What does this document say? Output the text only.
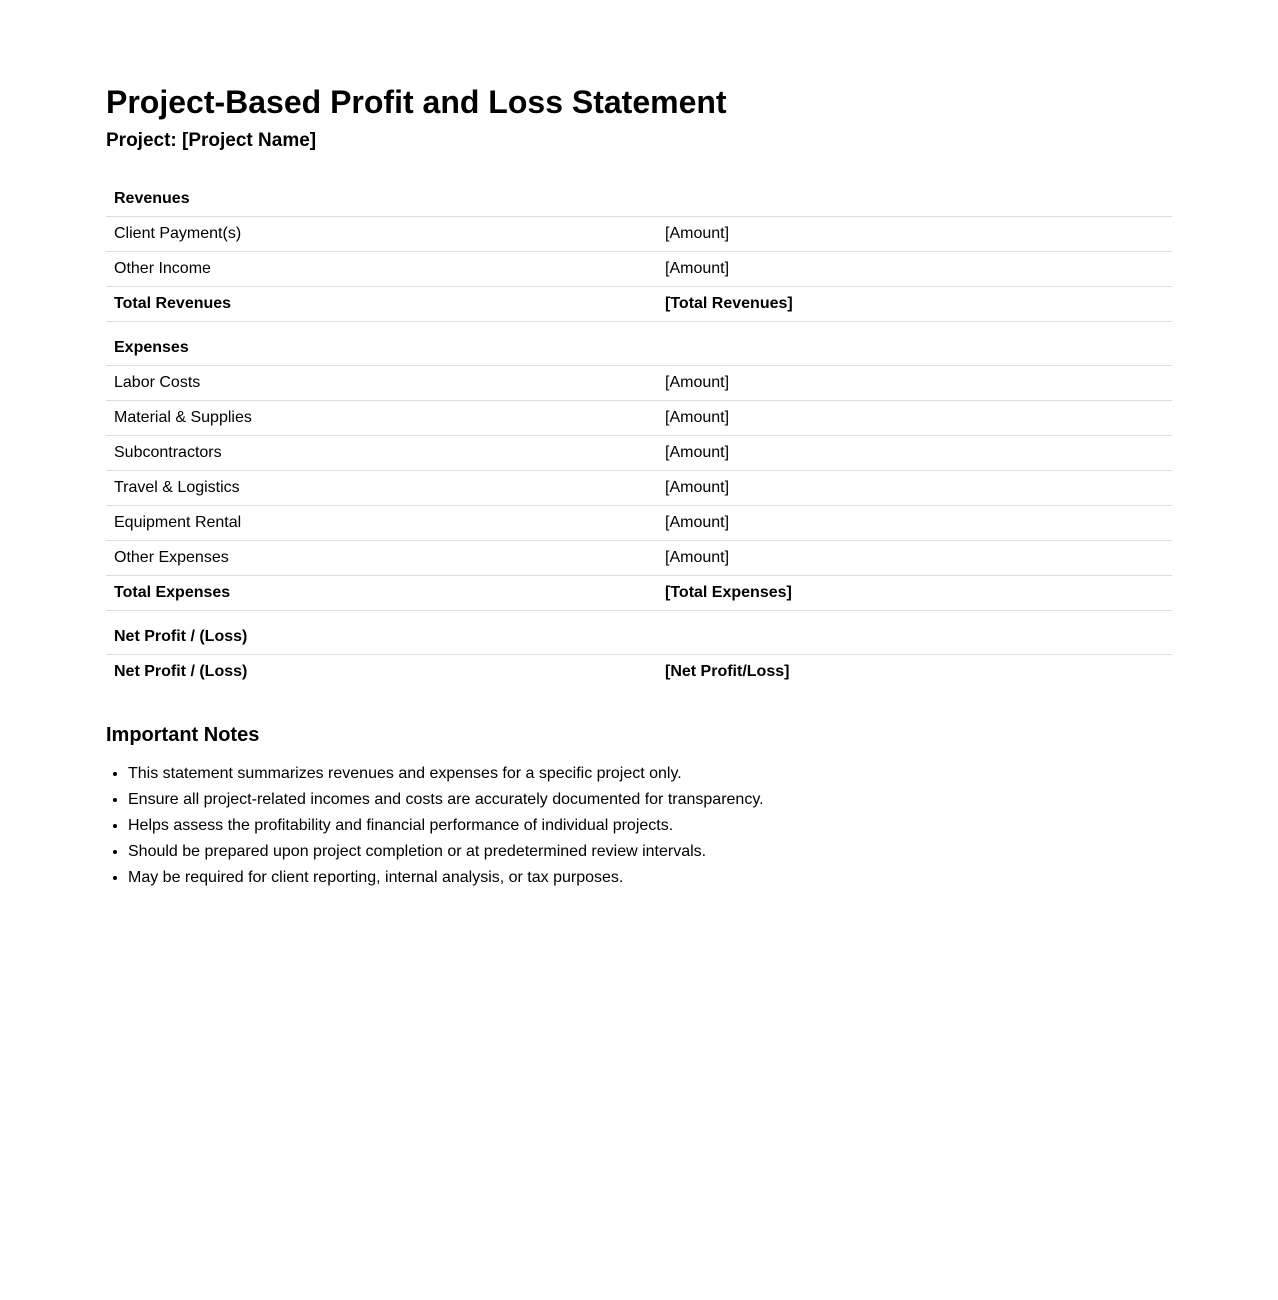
Project-Based Profit and Loss Statement
Project: [Project Name]
Revenues	
Client Payment(s)	[Amount]
Other Income	[Amount]
Total Revenues	[Total Revenues]
Expenses	
Labor Costs	[Amount]
Material & Supplies	[Amount]
Subcontractors	[Amount]
Travel & Logistics	[Amount]
Equipment Rental	[Amount]
Other Expenses	[Amount]
Total Expenses	[Total Expenses]
Net Profit / (Loss)	
Net Profit / (Loss)	[Net Profit/Loss]
Important Notes
• This statement summarizes revenues and expenses for a specific project only.
• Ensure all project-related incomes and costs are accurately documented for transparency.
• Helps assess the profitability and financial performance of individual projects.
• Should be prepared upon project completion or at predetermined review intervals.
• May be required for client reporting, internal analysis, or tax purposes.
